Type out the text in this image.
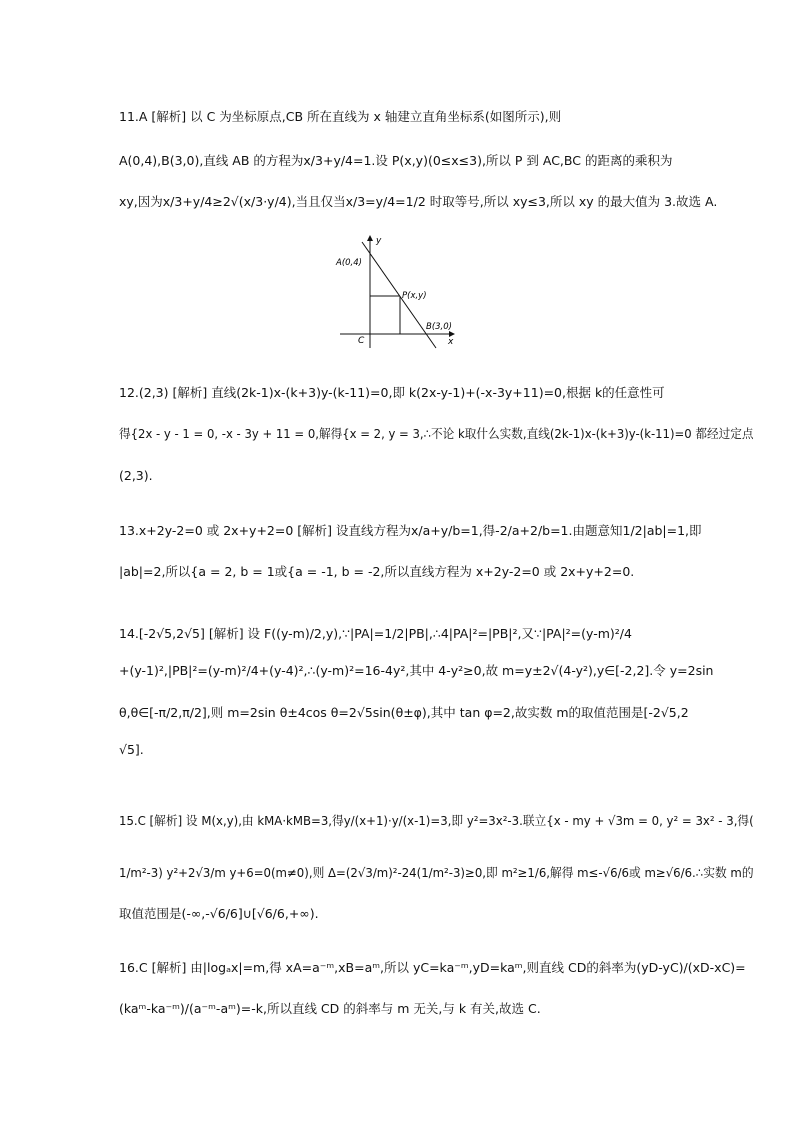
11.A [解析] 以 C 为坐标原点,CB 所在直线为 x 轴建立直角坐标系(如图所示),则
A(0,4),B(3,0),直线 AB 的方程为x/3+y/4=1.设 P(x,y)(0≤x≤3),所以 P 到 AC,BC 的距离的乘积为
xy,因为x/3+y/4≥2√(x/3·y/4),当且仅当x/3=y/4=1/2 时取等号,所以 xy≤3,所以 xy 的最大值为 3.故选 A.
A(0,4)
P(x,y)
B(3,0)
C	x
y
12.(2,3) [解析] 直线(2k-1)x-(k+3)y-(k-11)=0,即 k(2x-y-1)+(-x-3y+11)=0,根据 k的任意性可
得{2x - y - 1 = 0, -x - 3y + 11 = 0,解得{x = 2, y = 3,∴不论 k取什么实数,直线(2k-1)x-(k+3)y-(k-11)=0 都经过定点
(2,3).
13.x+2y-2=0 或 2x+y+2=0 [解析] 设直线方程为x/a+y/b=1,得-2/a+2/b=1.由题意知1/2|ab|=1,即
|ab|=2,所以{a = 2, b = 1或{a = -1, b = -2,所以直线方程为 x+2y-2=0 或 2x+y+2=0.
14.[-2√5,2√5] [解析] 设 F((y-m)/2,y),∵|PA|=1/2|PB|,∴4|PA|²=|PB|²,又∵|PA|²=(y-m)²/4
+(y-1)²,|PB|²=(y-m)²/4+(y-4)²,∴(y-m)²=16-4y²,其中 4-y²≥0,故 m=y±2√(4-y²),y∈[-2,2].令 y=2sin
θ,θ∈[-π/2,π/2],则 m=2sin θ±4cos θ=2√5sin(θ±φ),其中 tan φ=2,故实数 m的取值范围是[-2√5,2
√5].
15.C [解析] 设 M(x,y),由 kMA·kMB=3,得y/(x+1)·y/(x-1)=3,即 y²=3x²-3.联立{x - my + √3m = 0, y² = 3x² - 3,得(
1/m²-3) y²+2√3/m y+6=0(m≠0),则 Δ=(2√3/m)²-24(1/m²-3)≥0,即 m²≥1/6,解得 m≤-√6/6或 m≥√6/6.∴实数 m的
取值范围是(-∞,-√6/6]∪[√6/6,+∞).
16.C [解析] 由|logₐx|=m,得 xA=a⁻ᵐ,xB=aᵐ,所以 yC=ka⁻ᵐ,yD=kaᵐ,则直线 CD的斜率为(yD-yC)/(xD-xC)=
(kaᵐ-ka⁻ᵐ)/(a⁻ᵐ-aᵐ)=-k,所以直线 CD 的斜率与 m 无关,与 k 有关,故选 C.
